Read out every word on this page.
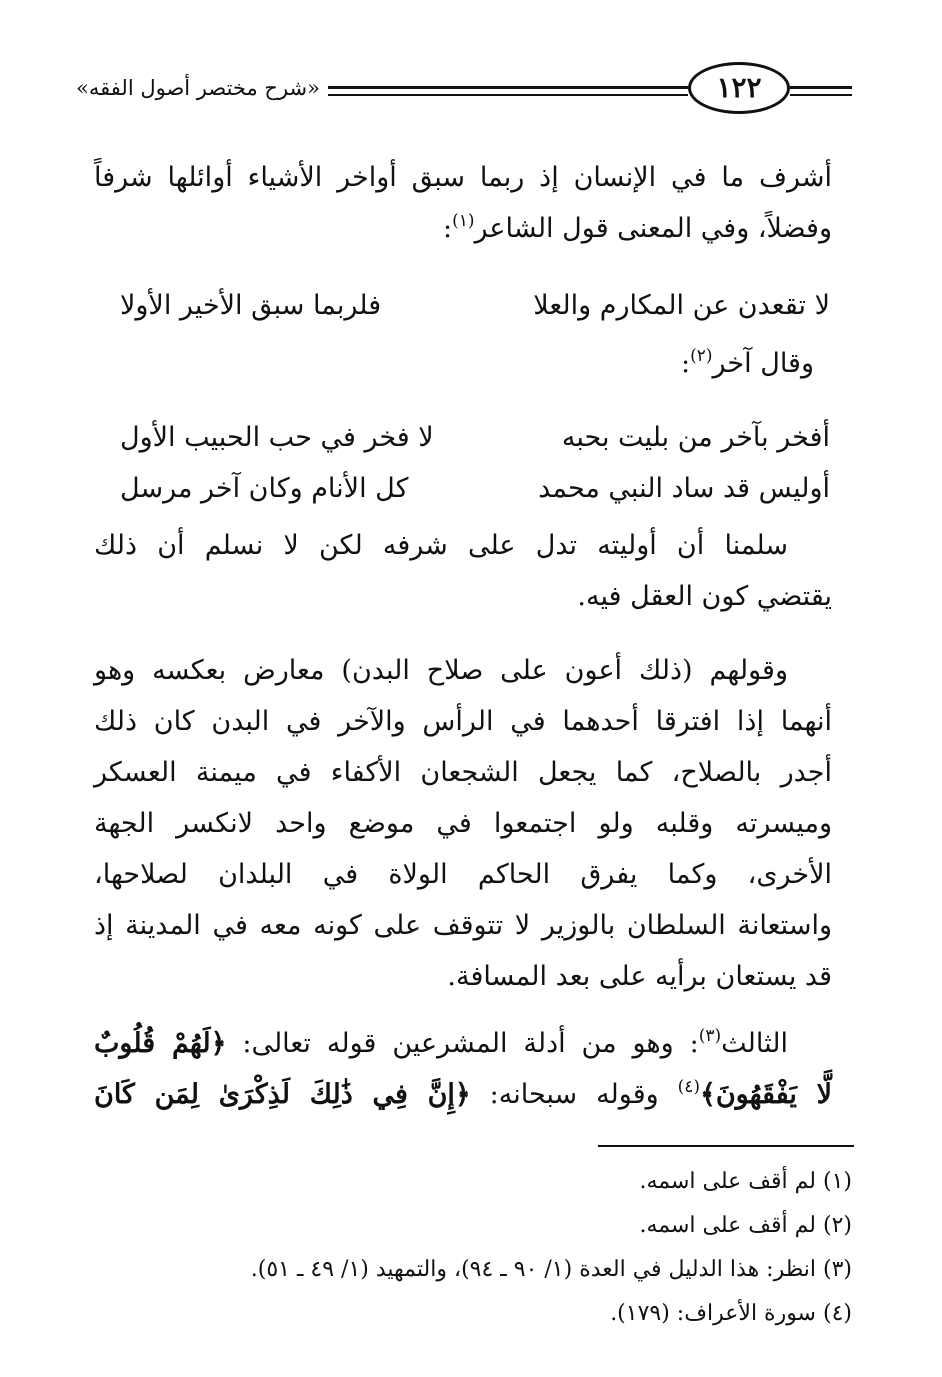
«شرح مختصر أصول الفقه»	١٢٢
أشرف ما في الإنسان إذ ربما سبق أواخر الأشياء أوائلها شرفاً
وفضلاً، وفي المعنى قول الشاعر$^{(١)}$:
لا تقعدن عن المكارم والعلا
فلربما سبق الأخير الأولا
وقال آخر$^{(٢)}$:
أفخر بآخر من بليت بحبه
لا فخر في حب الحبيب الأول
أوليس قد ساد النبي محمد
كل الأنام وكان آخر مرسل
سلمنا أن أوليته تدل على شرفه لكن لا نسلم أن ذلك
يقتضي كون العقل فيه.
وقولهم (ذلك أعون على صلاح البدن) معارض بعكسه وهو
أنهما إذا افترقا أحدهما في الرأس والآخر في البدن كان ذلك
أجدر بالصلاح، كما يجعل الشجعان الأكفاء في ميمنة العسكر
وميسرته وقلبه ولو اجتمعوا في موضع واحد لانكسر الجهة
الأخرى، وكما يفرق الحاكم الولاة في البلدان لصلاحها،
واستعانة السلطان بالوزير لا تتوقف على كونه معه في المدينة إذ
قد يستعان برأيه على بعد المسافة.
الثالث$^{(٣)}$: وهو من أدلة المشرعين قوله تعالى: ﴿لَهُمْ قُلُوبٌ
لَّا يَفْقَهُونَ﴾$^{(٤)}$ وقوله سبحانه: ﴿إِنَّ فِي ذَٰلِكَ لَذِكْرَىٰ لِمَن كَانَ
(١) لم أقف على اسمه.
(٢) لم أقف على اسمه.
(٣) انظر: هذا الدليل في العدة (١/ ٩٠ ـ ٩٤)، والتمهيد (١/ ٤٩ ـ ٥١).
(٤) سورة الأعراف: (١٧٩).
